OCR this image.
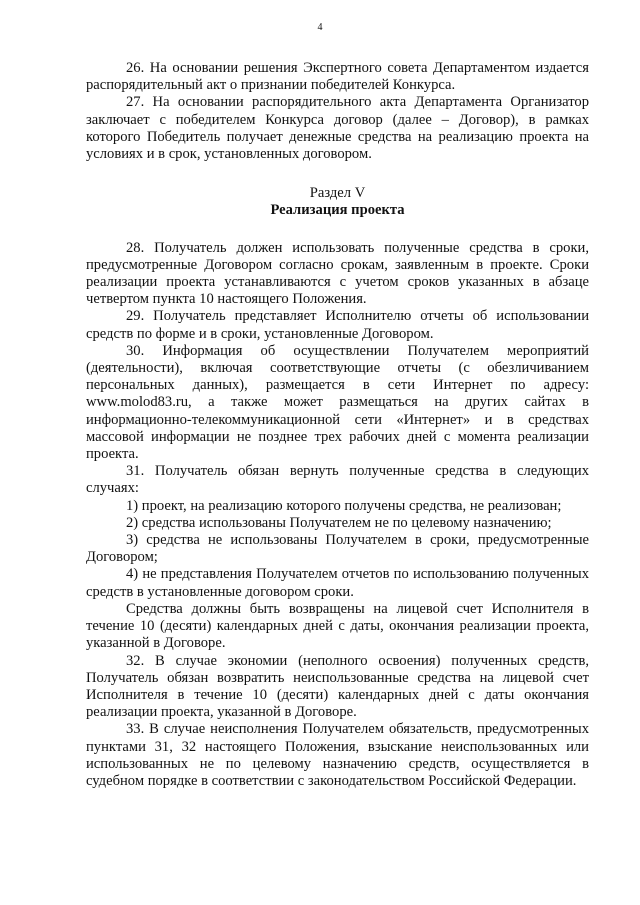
4

26. На основании решения Экспертного совета Департаментом издается распорядительный акт о признании победителей Конкурса.

27. На основании распорядительного акта Департамента Организатор заключает с победителем Конкурса договор (далее – Договор), в рамках которого Победитель получает денежные средства на реализацию проекта на условиях и в срок, установленных договором.

Раздел V

Реализация проекта

28. Получатель должен использовать полученные средства в сроки, предусмотренные Договором согласно срокам, заявленным в проекте. Сроки реализации проекта устанавливаются с учетом сроков указанных в абзаце четвертом пункта 10 настоящего Положения.

29. Получатель представляет Исполнителю отчеты об использовании средств по форме и в сроки, установленные Договором.

30. Информация об осуществлении Получателем мероприятий (деятельности), включая соответствующие отчеты (с обезличиванием персональных данных), размещается в сети Интернет по адресу: www.molod83.ru, а также может размещаться на других сайтах в информационно-телекоммуникационной сети «Интернет» и в средствах массовой информации не позднее трех рабочих дней с момента реализации проекта.

31. Получатель обязан вернуть полученные средства в следующих случаях:

1) проект, на реализацию которого получены средства, не реализован;

2) средства использованы Получателем не по целевому назначению;

3) средства не использованы Получателем в сроки, предусмотренные Договором;

4) не представления Получателем отчетов по использованию полученных средств в установленные договором сроки.

Средства должны быть возвращены на лицевой счет Исполнителя в течение 10 (десяти) календарных дней с даты, окончания реализации проекта, указанной в Договоре.

32. В случае экономии (неполного освоения) полученных средств, Получатель обязан возвратить неиспользованные средства на лицевой счет Исполнителя в течение 10 (десяти) календарных дней с даты окончания реализации проекта, указанной в Договоре.

33. В случае неисполнения Получателем обязательств, предусмотренных пунктами 31, 32 настоящего Положения, взыскание неиспользованных или использованных не по целевому назначению средств, осуществляется в судебном порядке в соответствии с законодательством Российской Федерации.
